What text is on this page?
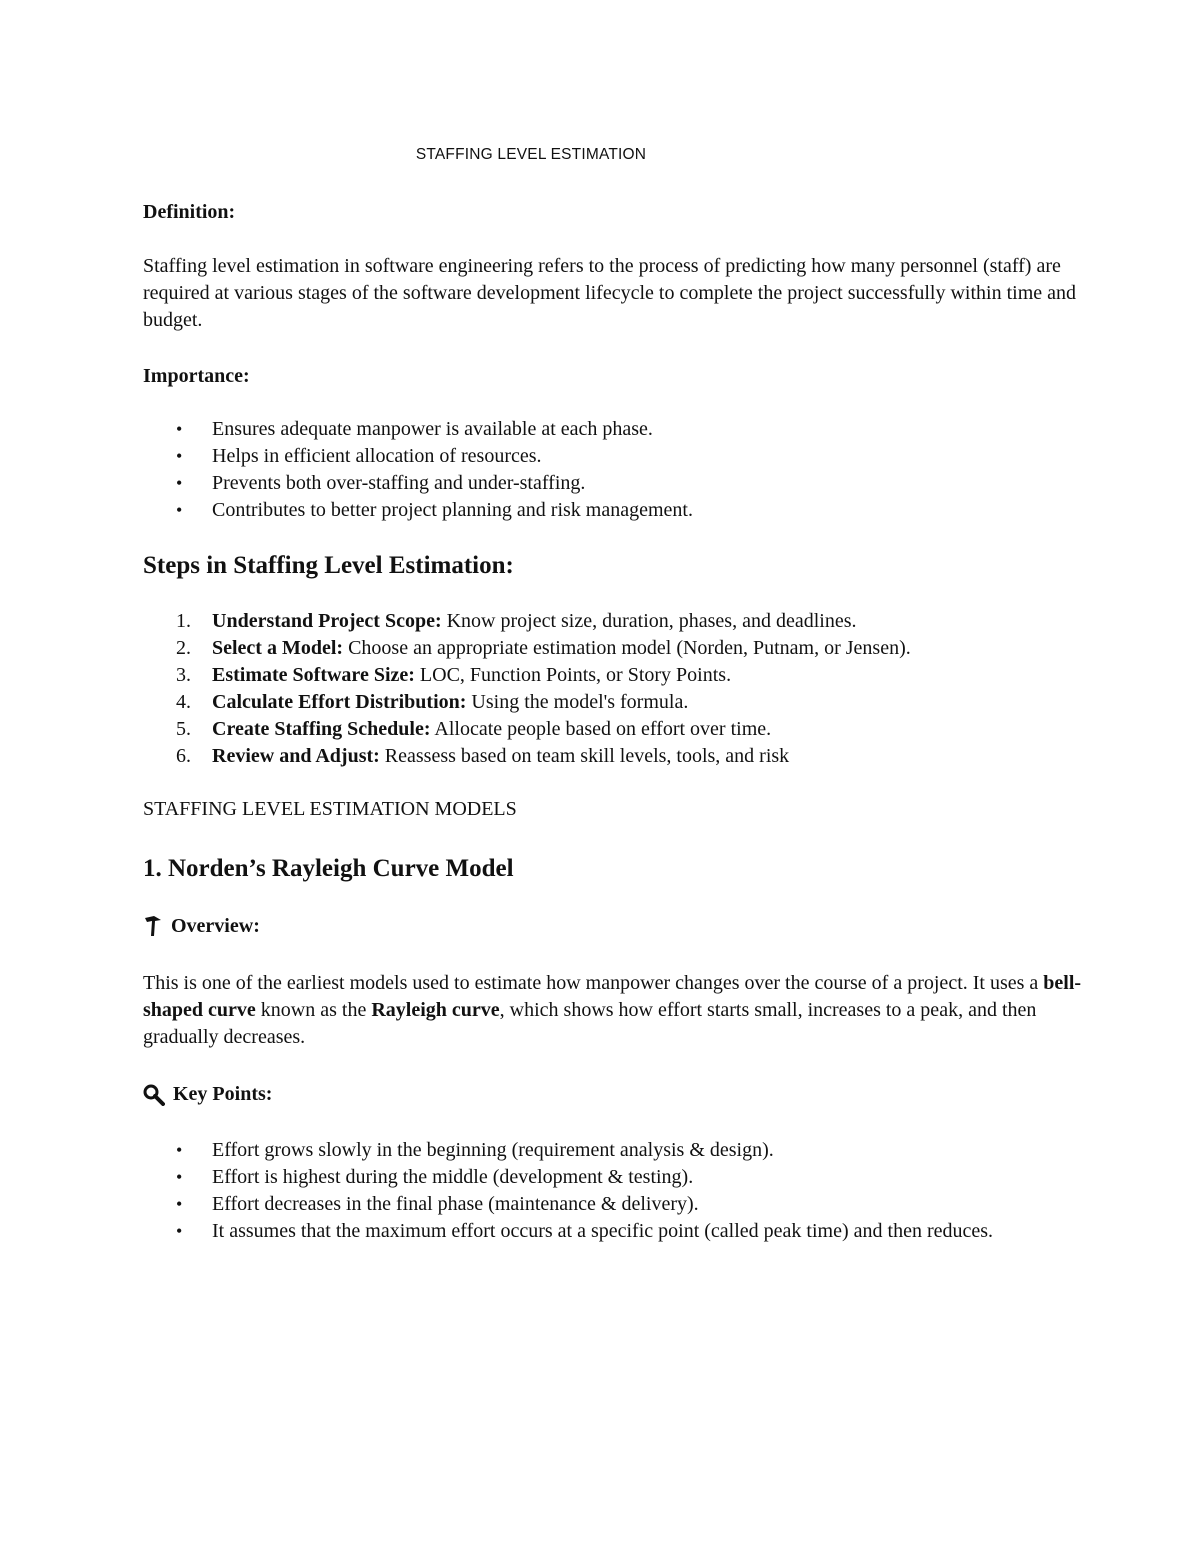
STAFFING LEVEL ESTIMATION

Definition:

Staffing level estimation in software engineering refers to the process of predicting how many personnel (staff) are required at various stages of the software development lifecycle to complete the project successfully within time and budget.

Importance:

• Ensures adequate manpower is available at each phase.
• Helps in efficient allocation of resources.
• Prevents both over-staffing and under-staffing.
• Contributes to better project planning and risk management.
Steps in Staffing Level Estimation:
1. Understand Project Scope: Know project size, duration, phases, and deadlines.
2. Select a Model: Choose an appropriate estimation model (Norden, Putnam, or Jensen).
3. Estimate Software Size: LOC, Function Points, or Story Points.
4. Calculate Effort Distribution: Using the model's formula.
5. Create Staffing Schedule: Allocate people based on effort over time.
6. Review and Adjust: Reassess based on team skill levels, tools, and risk

STAFFING LEVEL ESTIMATION MODELS

1. Norden’s Rayleigh Curve Model
Overview:

This is one of the earliest models used to estimate how manpower changes over the course of a project. It uses a bell-shaped curve known as the Rayleigh curve, which shows how effort starts small, increases to a peak, and then gradually decreases.

Key Points:
• Effort grows slowly in the beginning (requirement analysis & design).
• Effort is highest during the middle (development & testing).
• Effort decreases in the final phase (maintenance & delivery).
• It assumes that the maximum effort occurs at a specific point (called peak time) and then reduces.
